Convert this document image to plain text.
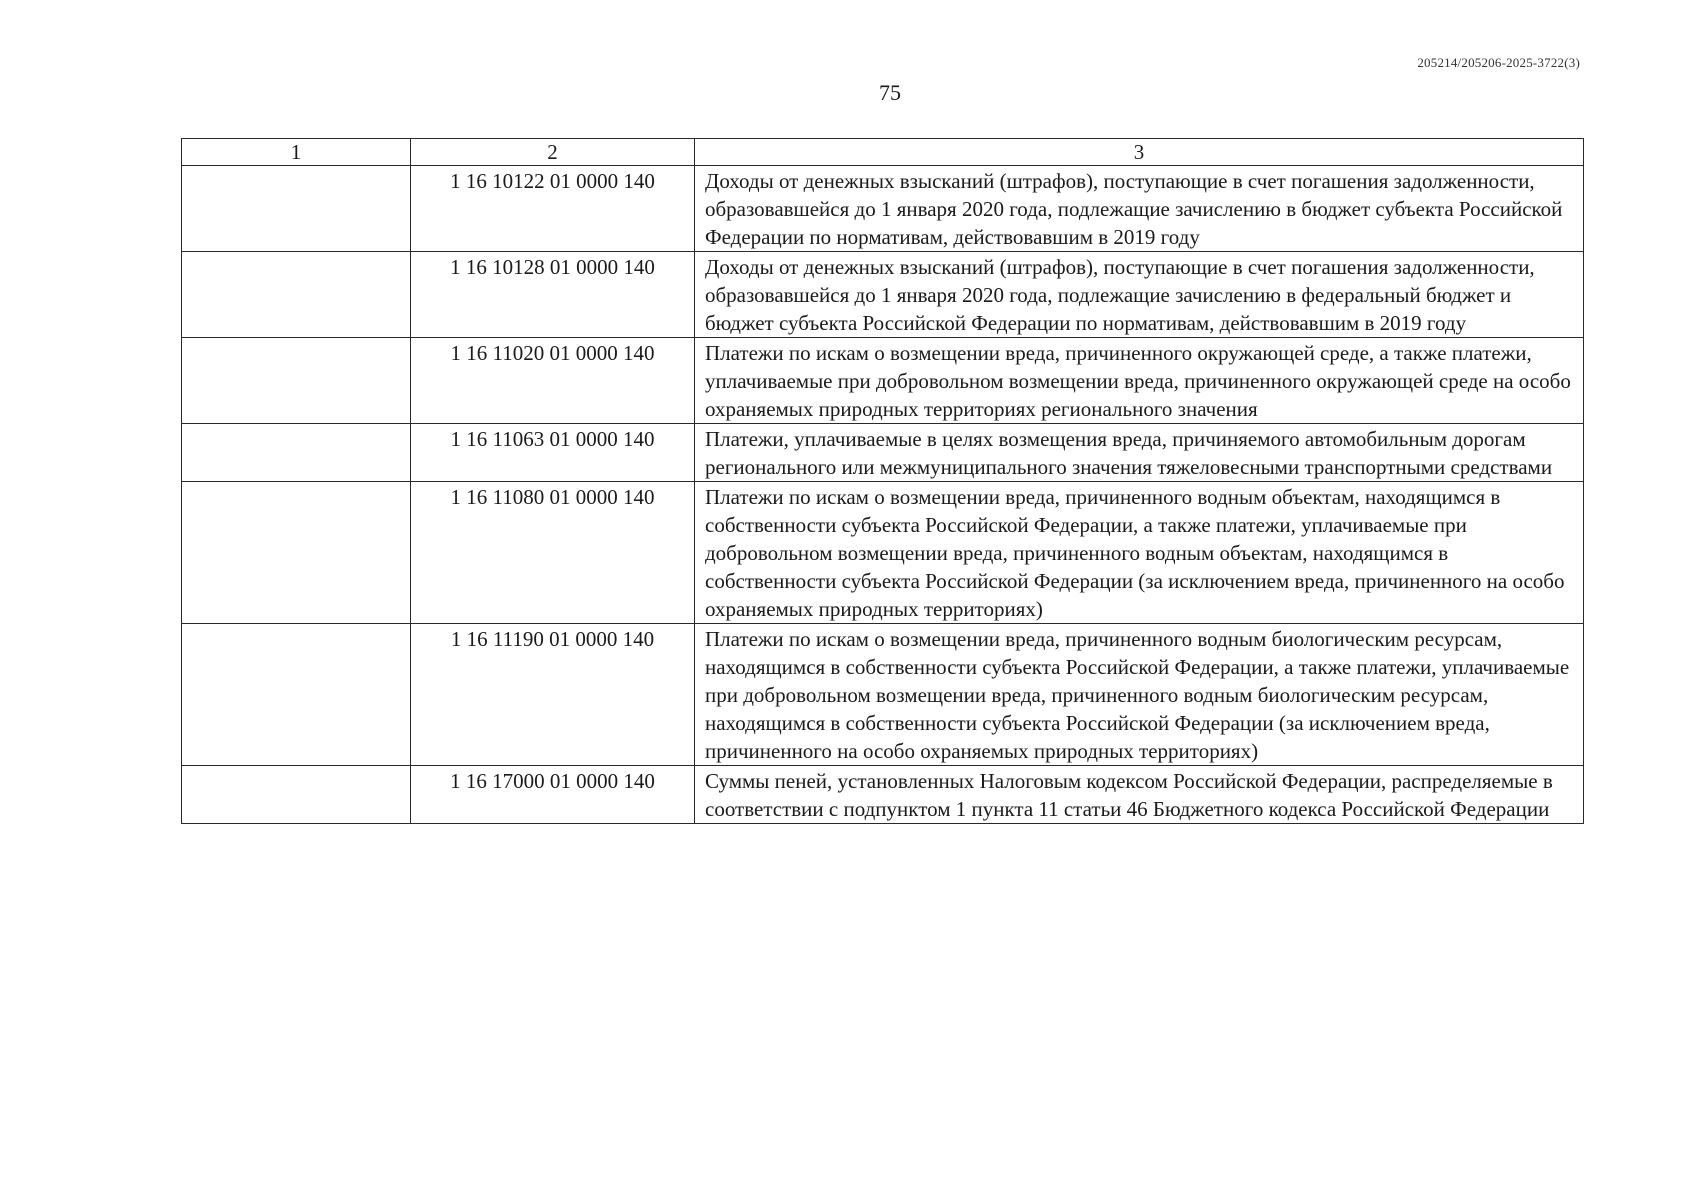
205214/205206-2025-3722(3)
75
1	2	3
	1 16 10122 01 0000 140	Доходы от денежных взысканий (штрафов), поступающие в счет погашения задолженности, образовавшейся до 1 января 2020 года, подлежащие зачислению в бюджет субъекта Российской Федерации по нормативам, действовавшим в 2019 году
	1 16 10128 01 0000 140	Доходы от денежных взысканий (штрафов), поступающие в счет погашения задолженности, образовавшейся до 1 января 2020 года, подлежащие зачислению в федеральный бюджет и бюджет субъекта Российской Федерации по нормативам, действовавшим в 2019 году
	1 16 11020 01 0000 140	Платежи по искам о возмещении вреда, причиненного окружающей среде, а также платежи, уплачиваемые при добровольном возмещении вреда, причиненного окружающей среде на особо охраняемых природных территориях регионального значения
	1 16 11063 01 0000 140	Платежи, уплачиваемые в целях возмещения вреда, причиняемого автомобильным дорогам регионального или межмуниципального значения тяжеловесными транспортными средствами
	1 16 11080 01 0000 140	Платежи по искам о возмещении вреда, причиненного водным объектам, находящимся в собственности субъекта Российской Федерации, а также платежи, уплачиваемые при добровольном возмещении вреда, причиненного водным объектам, находящимся в собственности субъекта Российской Федерации (за исключением вреда, причиненного на особо охраняемых природных территориях)
	1 16 11190 01 0000 140	Платежи по искам о возмещении вреда, причиненного водным биологическим ресурсам, находящимся в собственности субъекта Российской Федерации, а также платежи, уплачиваемые при добровольном возмещении вреда, причиненного водным биологическим ресурсам, находящимся в собственности субъекта Российской Федерации (за исключением вреда, причиненного на особо охраняемых природных территориях)
	1 16 17000 01 0000 140	Суммы пеней, установленных Налоговым кодексом Российской Федерации, распределяемые в соответствии с подпунктом 1 пункта 11 статьи 46 Бюджетного кодекса Российской Федерации
